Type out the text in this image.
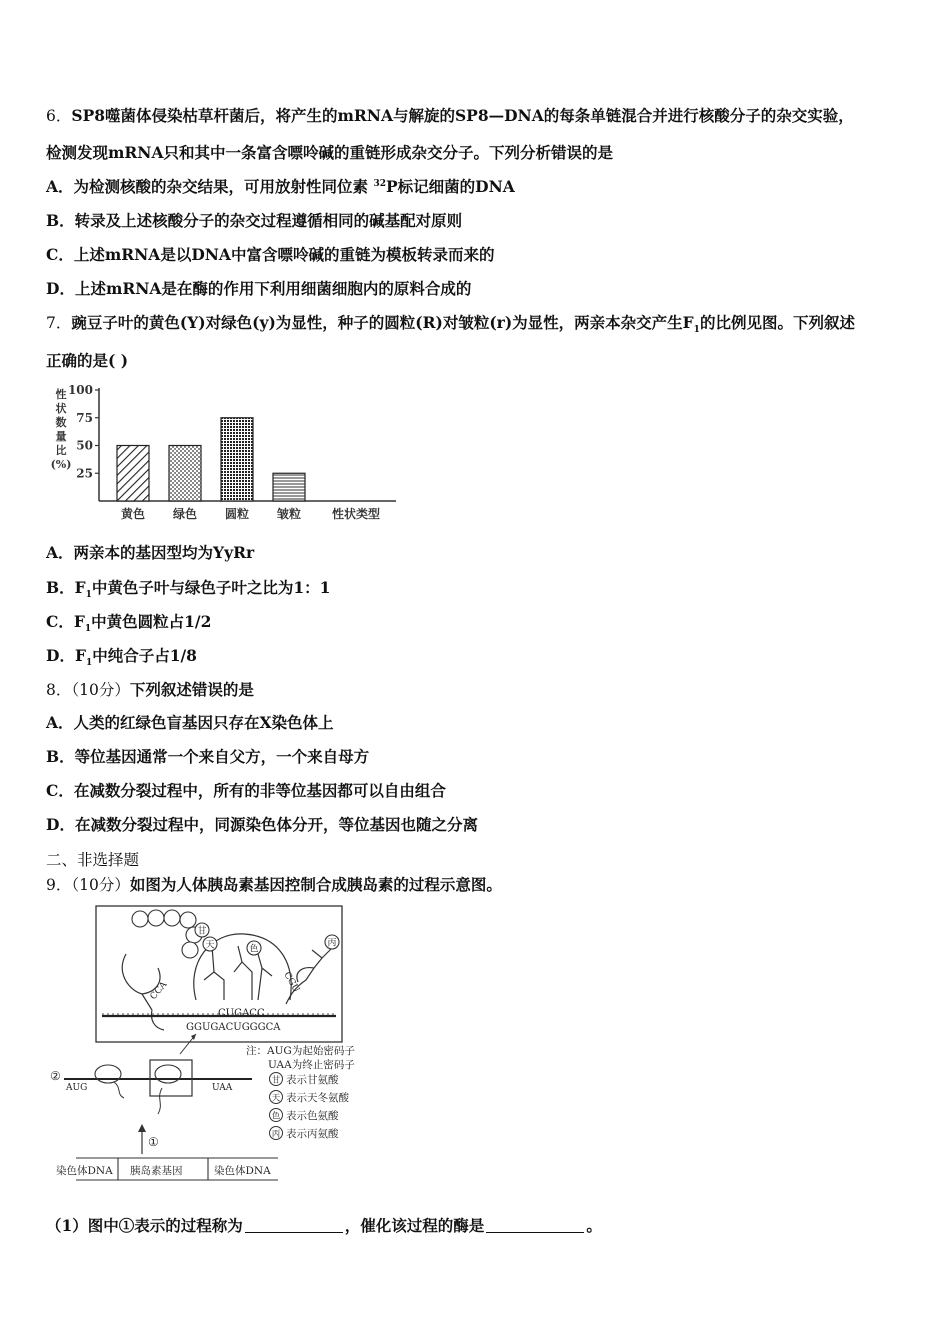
6．SP8噬菌体侵染枯草杆菌后，将产生的mRNA与解旋的SP8—DNA的每条单链混合并进行核酸分子的杂交实验，
检测发现mRNA只和其中一条富含嘌呤碱的重链形成杂交分子。下列分析错误的是
A．为检测核酸的杂交结果，可用放射性同位素 $^{32}$P标记细菌的DNA
B．转录及上述核酸分子的杂交过程遵循相同的碱基配对原则
C．上述mRNA是以DNA中富含嘌呤碱的重链为模板转录而来的
D．上述mRNA是在酶的作用下利用细菌细胞内的原料合成的
7．豌豆子叶的黄色(Y)对绿色(y)为显性，种子的圆粒(R)对皱粒(r)为显性，两亲本杂交产生$F_1$的比例见图。下列叙述
正确的是( )
性
状
数
量
比
(%)
25
50
75
100
黄色 绿色 圆粒 皱粒	性状类型
A．两亲本的基因型均为YyRr
B．$F_1$中黄色子叶与绿色子叶之比为1：1
C．$F_1$中黄色圆粒占1/2
D．$F_1$中纯合子占1/8
8．（10分）下列叙述错误的是
A．人类的红绿色盲基因只存在X染色体上
B．等位基因通常一个来自父方，一个来自母方
C．在减数分裂过程中，所有的非等位基因都可以自由组合
D．在减数分裂过程中，同源染色体分开，等位基因也随之分离
二、非选择题
9．（10分）如图为人体胰岛素基因控制合成胰岛素的过程示意图。
CCA
CUGACC
CGU
甘
天	色
丙
GGUGACUGGGCA
②
AUG	UAA
①
注：AUG为起始密码子
UAA为终止密码子
甘 表示甘氨酸
天 表示天冬氨酸
色 表示色氨酸
丙 表示丙氨酸
染色体DNA 胰岛素基因	染色体DNA
（1）图中①表示的过程称为	，催化该过程的酶是	。
